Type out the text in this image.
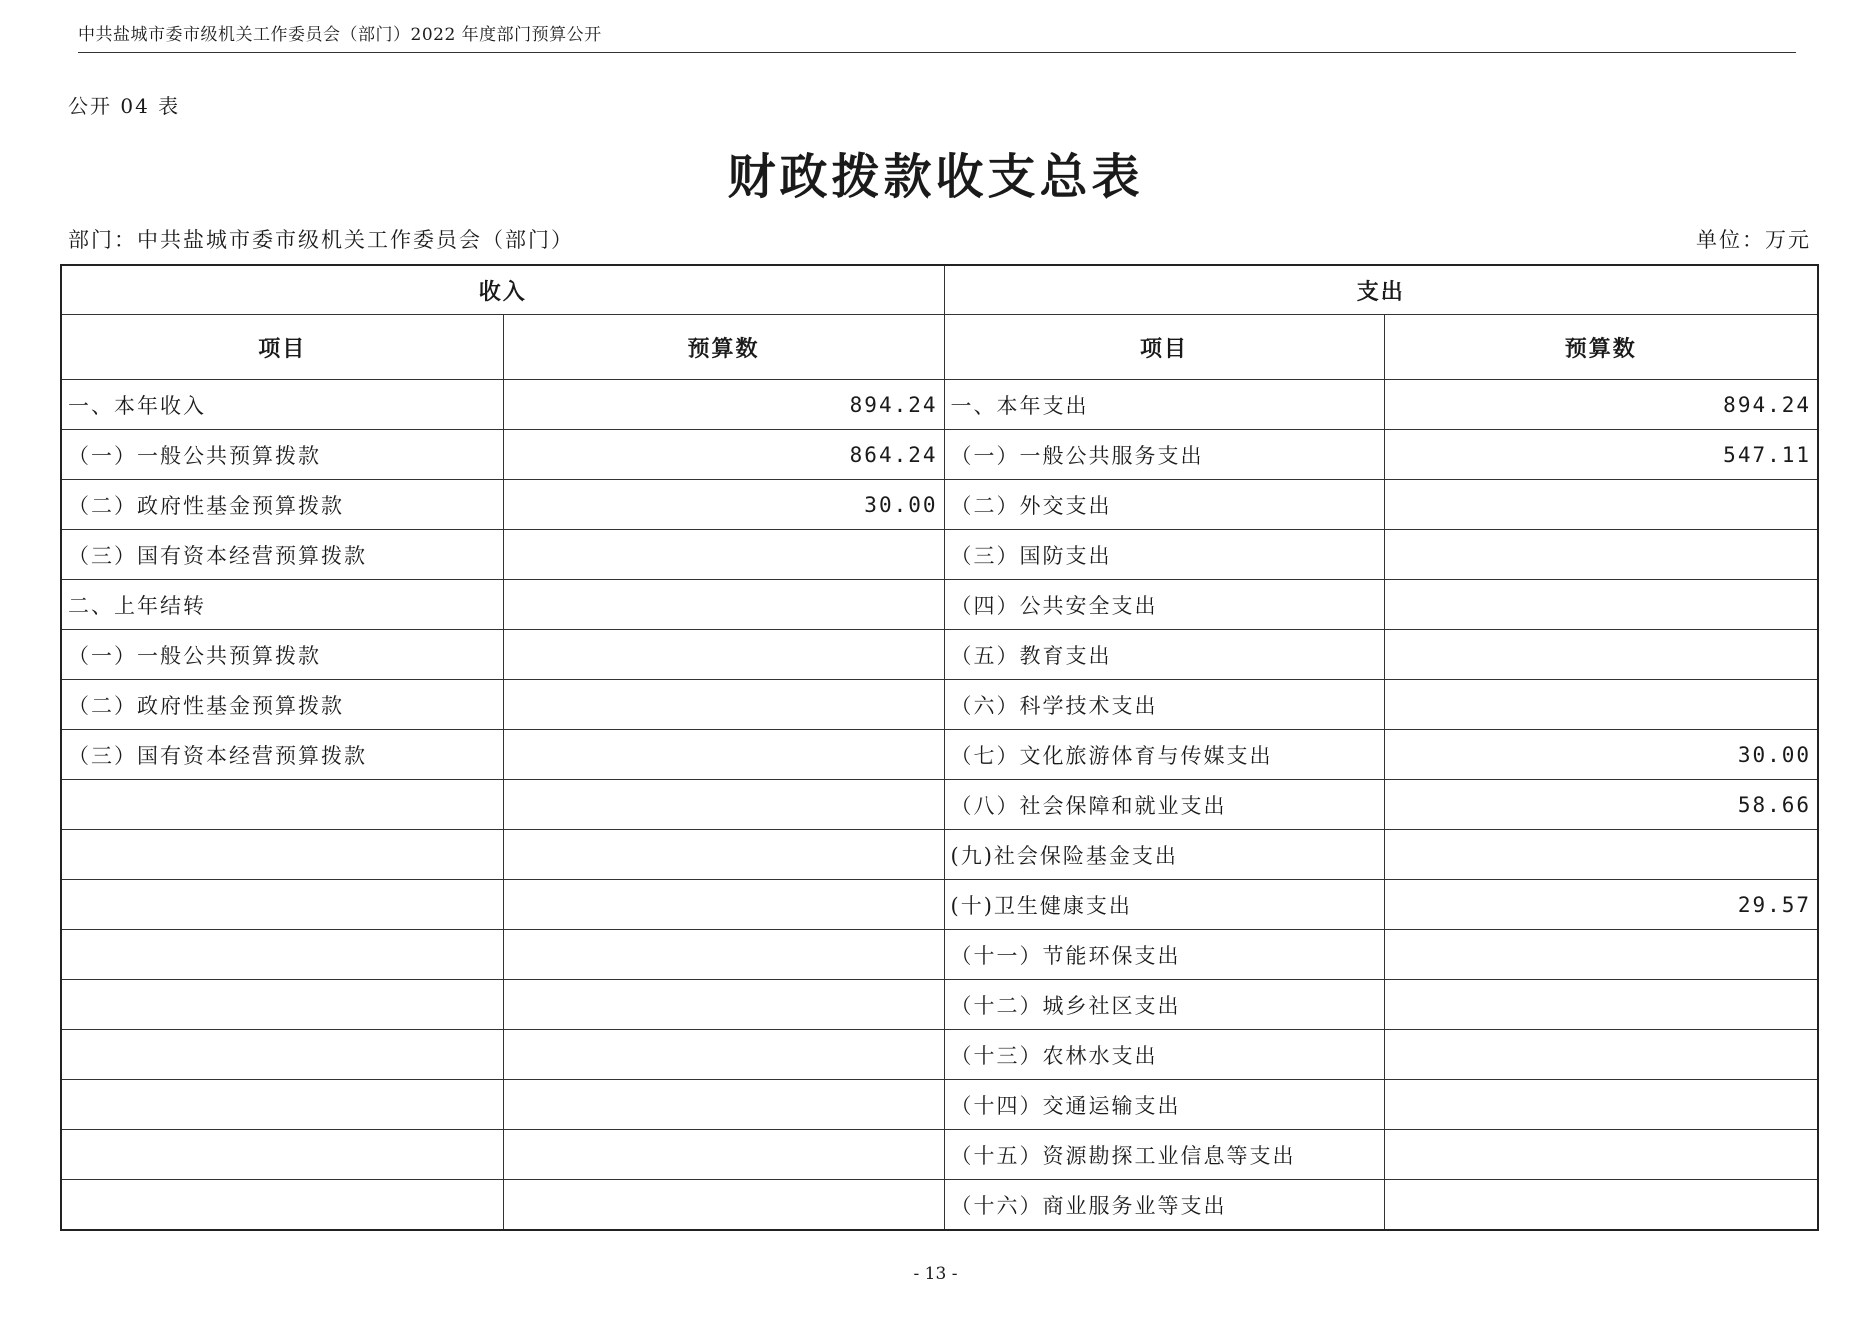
中共盐城市委市级机关工作委员会（部门）2022 年度部门预算公开
公开 04 表
财政拨款收支总表
部门：中共盐城市委市级机关工作委员会（部门）	单位：万元
收入		支出	
项目	预算数	项目	预算数
一、本年收入	894.24	一、本年支出	894.24
（一）一般公共预算拨款	864.24	（一）一般公共服务支出	547.11
（二）政府性基金预算拨款	30.00	（二）外交支出	
（三）国有资本经营预算拨款		（三）国防支出	
二、上年结转		（四）公共安全支出	
（一）一般公共预算拨款		（五）教育支出	
（二）政府性基金预算拨款		（六）科学技术支出	
（三）国有资本经营预算拨款		（七）文化旅游体育与传媒支出	30.00
		（八）社会保障和就业支出	58.66
		(九)社会保险基金支出	
		(十)卫生健康支出	29.57
		（十一）节能环保支出	
		（十二）城乡社区支出	
		（十三）农林水支出	
		（十四）交通运输支出	
		（十五）资源勘探工业信息等支出	
		（十六）商业服务业等支出	
- 13 -
